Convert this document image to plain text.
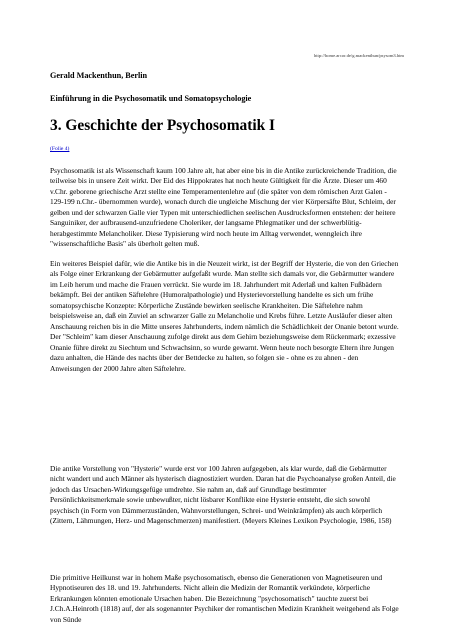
http://home.arcor.de/g.mackenthun/psysom3.htm
Gerald Mackenthun, Berlin
Einführung in die Psychosomatik und Somatopsychologie
3. Geschichte der Psychosomatik I
(Folie 4)

Psychosomatik ist als Wissenschaft kaum 100 Jahre alt, hat aber eine bis in die Antike zurückreichende Tradition, die teilweise bis in unsere Zeit wirkt. Der Eid des Hippokrates hat noch heute Gültigkeit für die Ärzte. Dieser um 460 v.Chr. geborene griechische Arzt stellte eine Temperamentenlehre auf (die später von dem römischen Arzt Galen - 129-199 n.Chr.- übernommen wurde), wonach durch die ungleiche Mischung der vier Körpersäfte Blut, Schleim, der gelben und der schwarzen Galle vier Typen mit unterschiedlichen seelischen Ausdrucksformen entstehen: der heitere Sanguiniker, der aufbrausend-unzufriedene Choleriker, der langsame Phlegmatiker und der schwerblütig-herabgestimmte Melancholiker. Diese Typisierung wird noch heute im Alltag verwendet, wenngleich ihre "wissenschaftliche Basis" als überholt gelten muß.

Ein weiteres Beispiel dafür, wie die Antike bis in die Neuzeit wirkt, ist der Begriff der Hysterie, die von den Griechen als Folge einer Erkrankung der Gebärmutter aufgefaßt wurde. Man stellte sich damals vor, die Gebärmutter wandere im Leib herum und mache die Frauen verrückt. Sie wurde im 18. Jahrhundert mit Aderlaß und kalten Fußbädern bekämpft. Bei der antiken Säftelehre (Humoralpathologie) und Hysterievorstellung handelte es sich um frühe somatopsychische Konzepte: Körperliche Zustände bewirken seelische Krankheiten. Die Säftelehre nahm beispielsweise an, daß ein Zuviel an schwarzer Galle zu Melancholie und Krebs führe. Letzte Ausläufer dieser alten Anschauung reichen bis in die Mitte unseres Jahrhunderts, indem nämlich die Schädlichkeit der Onanie betont wurde. Der "Schleim" kam dieser Anschauung zufolge direkt aus dem Gehirn beziehungsweise dem Rückenmark; exzessive Onanie führe direkt zu Siechtum und Schwachsinn, so wurde gewarnt. Wenn heute noch besorgte Eltern ihre Jungen dazu anhalten, die Hände des nachts über der Bettdecke zu halten, so folgen sie - ohne es zu ahnen - den Anweisungen der 2000 Jahre alten Säftelehre.

Die antike Vorstellung von "Hysterie" wurde erst vor 100 Jahren aufgegeben, als klar wurde, daß die Gebärmutter nicht wandert und auch Männer als hysterisch diagnostiziert wurden. Daran hat die Psychoanalyse großen Anteil, die jedoch das Ursachen-Wirkungsgefüge umdrehte. Sie nahm an, daß auf Grundlage bestimmter Persönlichkeitsmerkmale sowie unbewußter, nicht lösbarer Konflikte eine Hysterie entsteht, die sich sowohl psychisch (in Form von Dämmerzuständen, Wahnvorstellungen, Schrei- und Weinkrämpfen) als auch körperlich (Zittern, Lähmungen, Herz- und Magenschmerzen) manifestiert. (Meyers Kleines Lexikon Psychologie, 1986, 158)

Die primitive Heilkunst war in hohem Maße psychosomatisch, ebenso die Generationen von Magnetiseuren und Hypnotiseuren des 18. und 19. Jahrhunderts. Nicht allein die Medizin der Romantik verkündete, körperliche Erkrankungen könnten emotionale Ursachen haben. Die Bezeichnung "psychosomatisch" tauchte zuerst bei J.Ch.A.Heinroth (1818) auf, der als sogenannter Psychiker der romantischen Medizin Krankheit weitgehend als Folge von Sünde
